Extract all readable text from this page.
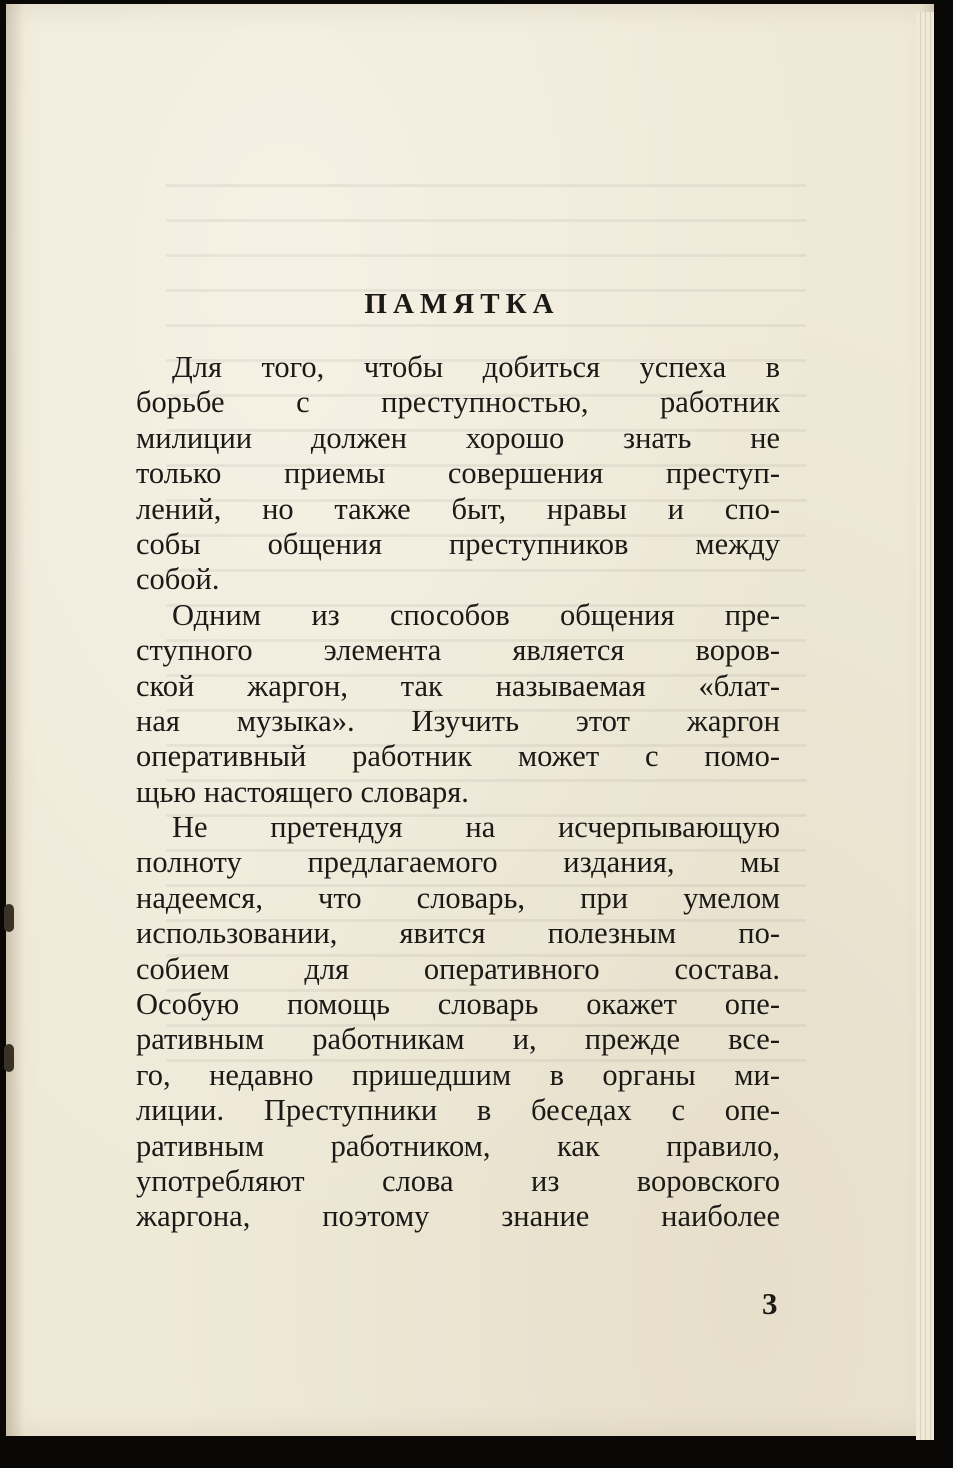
ПАМЯТКА
Для того, чтобы добиться успеха в
борьбе с преступностью, работник
милиции должен хорошо знать не
только приемы совершения преступ-
лений, но также быт, нравы и спо-
собы общения преступников между
собой.
Одним из способов общения пре-
ступного элемента является воров-
ской жаргон, так называемая «блат-
ная музыка». Изучить этот жаргон
оперативный работник может с помо-
щью настоящего словаря.
Не претендуя на исчерпывающую
полноту предлагаемого издания, мы
надеемся, что словарь, при умелом
использовании, явится полезным по-
собием для оперативного состава.
Особую помощь словарь окажет опе-
ративным работникам и, прежде все-
го, недавно пришедшим в органы ми-
лиции. Преступники в беседах с опе-
ративным работником, как правило,
употребляют слова из воровского
жаргона, поэтому знание наиболее
3
